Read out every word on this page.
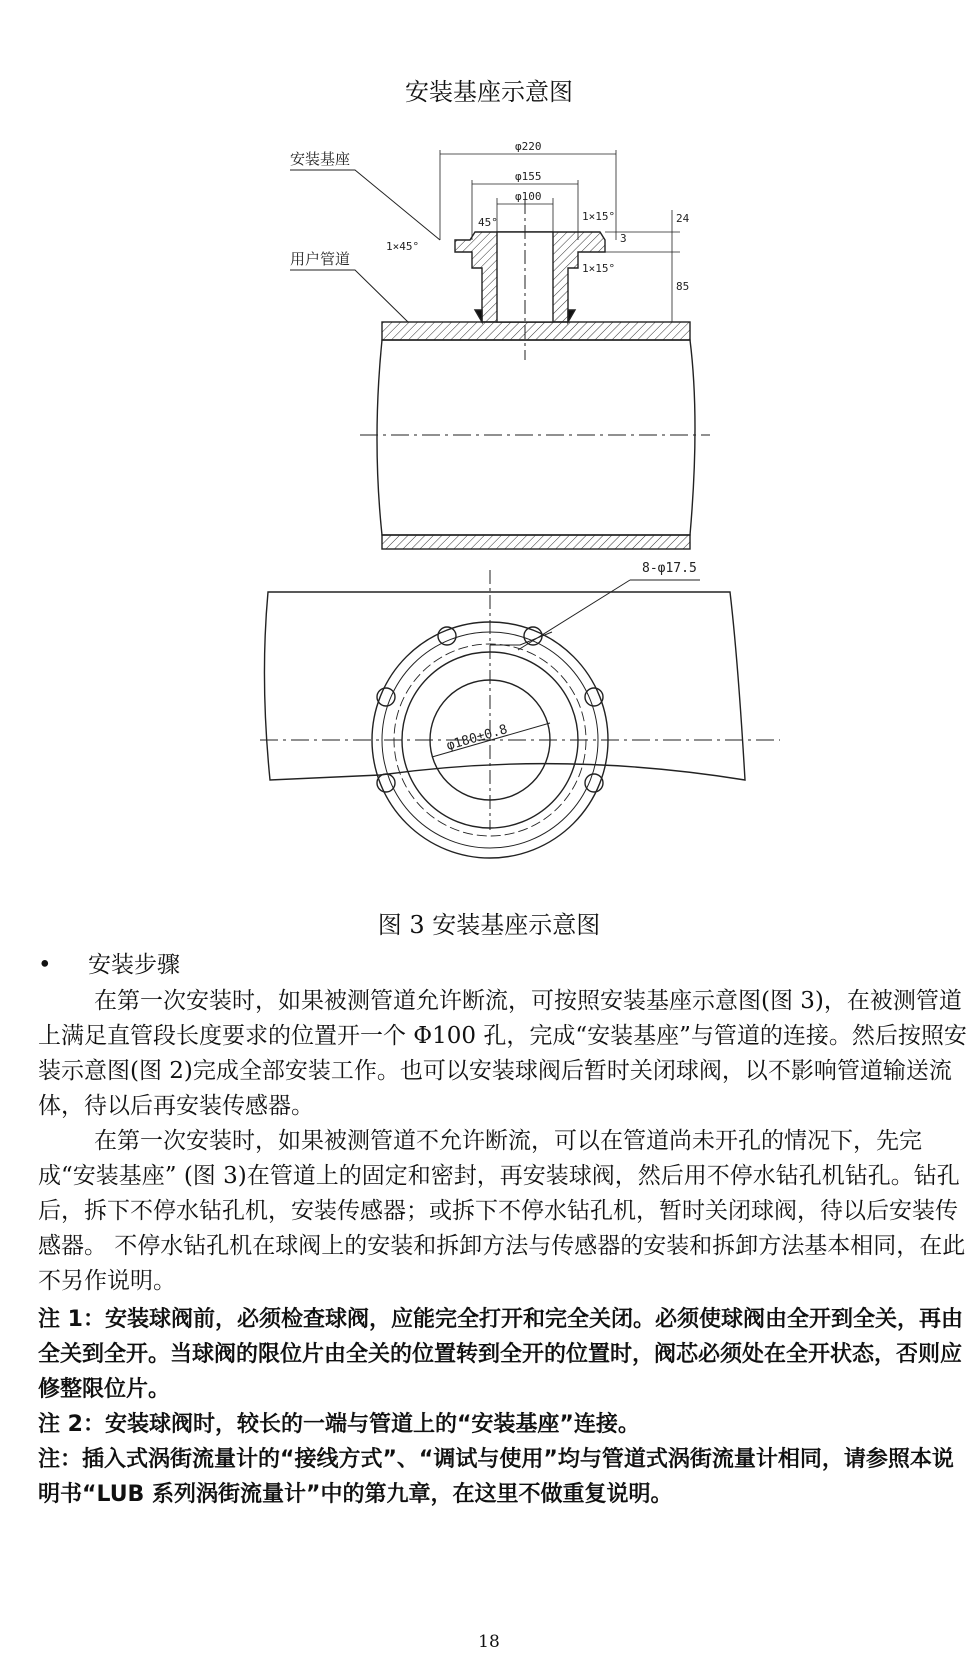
安装基座示意图
安装基座
用户管道
φ220
φ155
φ100
45°
1×45°
1×15°
1×15°
24
3
85
8-φ17.5
φ180±0.8
图 3 安装基座示意图
• 安装步骤

在第一次安装时，如果被测管道允许断流，可按照安装基座示意图(图 3)，在被测管道上满足直管段长度要求的位置开一个 Φ100 孔，完成“安装基座”与管道的连接。然后按照安装示意图(图 2)完成全部安装工作。也可以安装球阀后暂时关闭球阀，以不影响管道输送流体，待以后再安装传感器。

在第一次安装时，如果被测管道不允许断流，可以在管道尚未开孔的情况下，先完成“安装基座” (图 3)在管道上的固定和密封，再安装球阀，然后用不停水钻孔机钻孔。钻孔后，拆下不停水钻孔机，安装传感器；或拆下不停水钻孔机，暂时关闭球阀，待以后安装传感器。 不停水钻孔机在球阀上的安装和拆卸方法与传感器的安装和拆卸方法基本相同，在此不另作说明。

注 1：安装球阀前，必须检查球阀，应能完全打开和完全关闭。必须使球阀由全开到全关，再由全关到全开。当球阀的限位片由全关的位置转到全开的位置时，阀芯必须处在全开状态，否则应修整限位片。

注 2：安装球阀时，较长的一端与管道上的“安装基座”连接。

注：插入式涡街流量计的“接线方式”、“调试与使用”均与管道式涡街流量计相同，请参照本说明书“LUB 系列涡街流量计”中的第九章，在这里不做重复说明。

18
